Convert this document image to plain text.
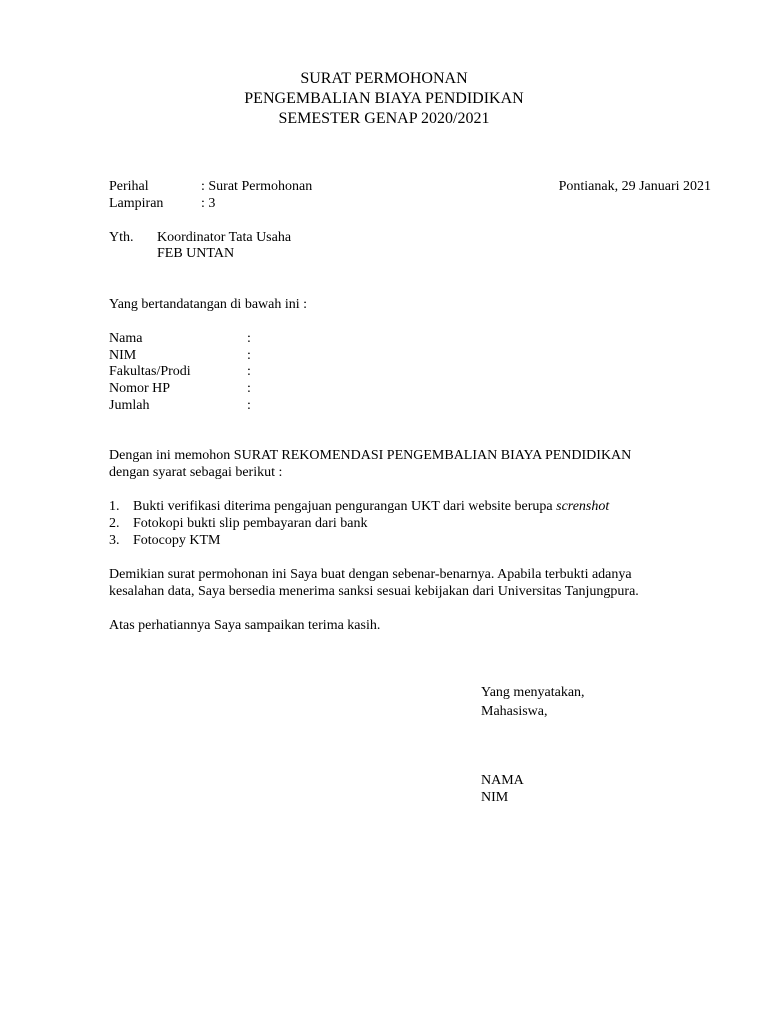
SURAT PERMOHONAN
PENGEMBALIAN BIAYA PENDIDIKAN
SEMESTER GENAP 2020/2021
Perihal	: Surat Permohonan	Pontianak, 29 Januari 2021
Lampiran	: 3
Yth. Koordinator Tata Usaha
FEB UNTAN
Yang bertandatangan di bawah ini :
Nama	:
NIM	:
Fakultas/Prodi	:
Nomor HP	:
Jumlah	:
Dengan ini memohon SURAT REKOMENDASI PENGEMBALIAN BIAYA PENDIDIKAN
dengan syarat sebagai berikut :
1. Bukti verifikasi diterima pengajuan pengurangan UKT dari website berupa screnshot
2. Fotokopi bukti slip pembayaran dari bank
3. Fotocopy KTM
Demikian surat permohonan ini Saya buat dengan sebenar-benarnya. Apabila terbukti adanya
kesalahan data, Saya bersedia menerima sanksi sesuai kebijakan dari Universitas Tanjungpura.
Atas perhatiannya Saya sampaikan terima kasih.
Yang menyatakan,
Mahasiswa,
NAMA
NIM
